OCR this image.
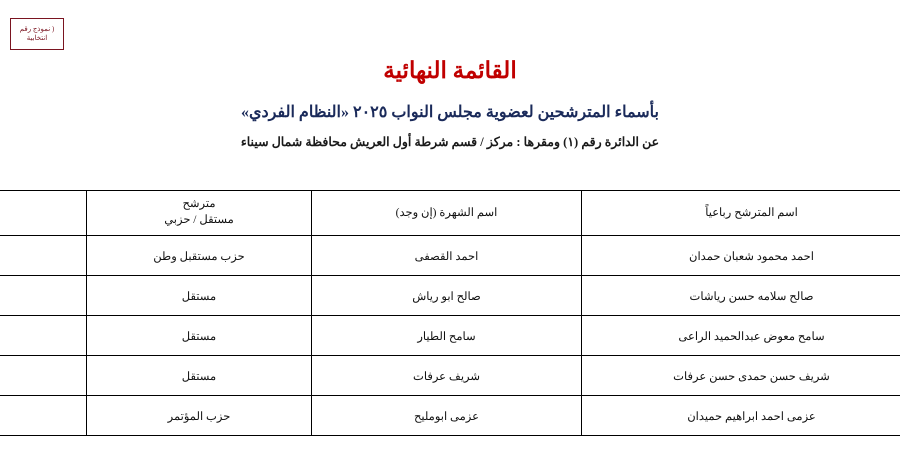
( نموذج رقم
انتخابية
القائمة النهائية
بأسماء المترشحين لعضوية مجلس النواب ٢٠٢٥ «النظام الفردي»
عن الدائرة رقم (١) ومقرها : مركز / قسم شرطة أول العريش محافظة شمال سيناء
اسم المترشح رباعياً	اسم الشهرة (إن وجد)	مترشح
مستقل / حزبي	

احمد محمود شعبان حمدان	احمد القصفى	حزب مستقبل وطن	
صالح سلامه حسن رياشات	صالح ابو رياش	مستقل	
سامح معوض عبدالحميد الراعى	سامح الطيار	مستقل	
شريف حسن حمدى حسن عرفات	شريف عرفات	مستقل	
عزمى احمد ابراهيم حميدان	عزمى ابومليح	حزب المؤتمر	
